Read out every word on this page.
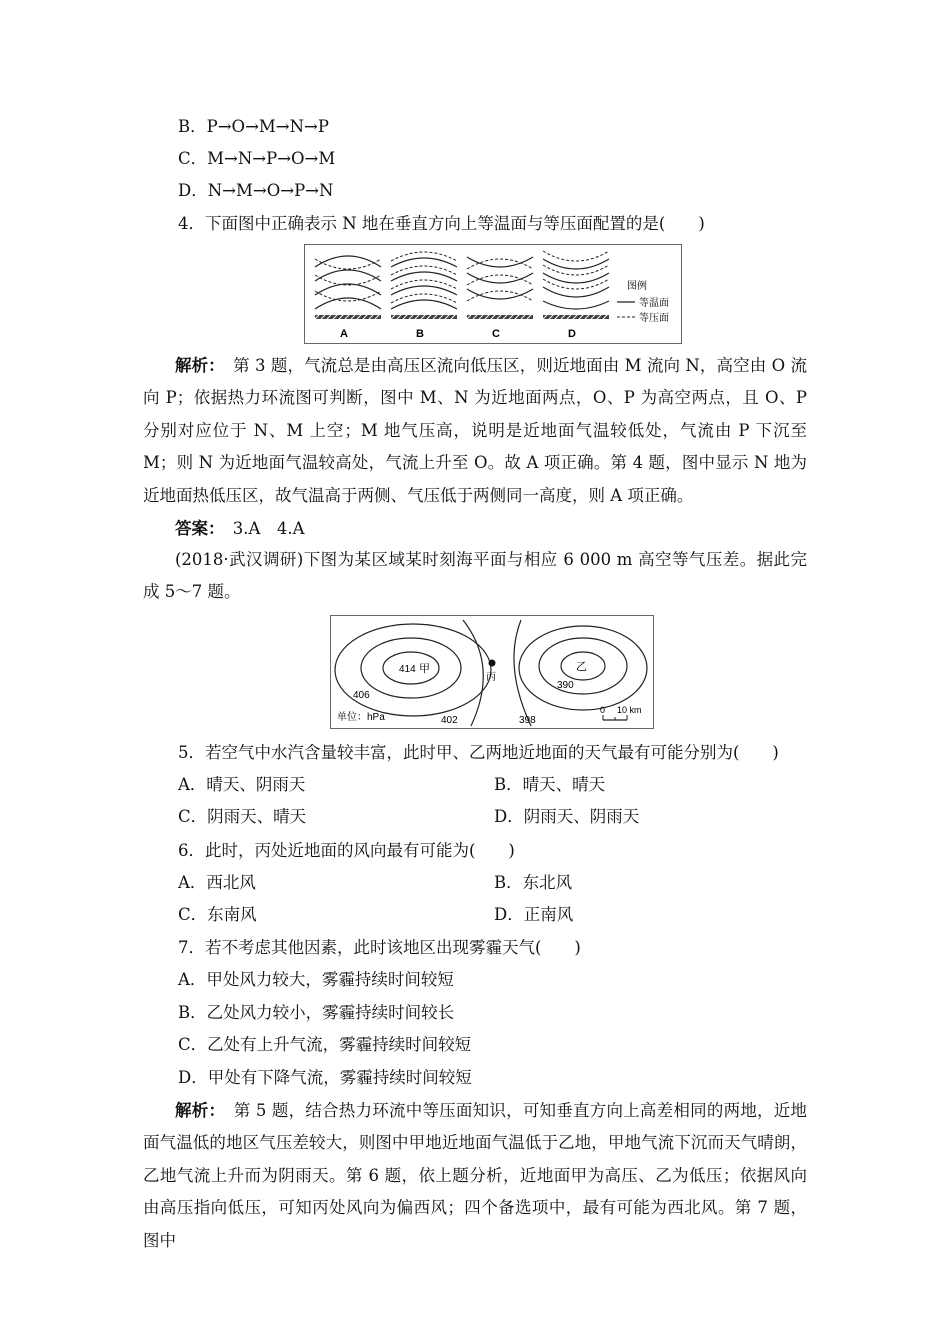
B．P→O→M→N→P
C．M→N→P→O→M
D．N→M→O→P→N
4．下面图中正确表示 N 地在垂直方向上等温面与等压面配置的是(　　)
A	B	C	D
图例
等温面
等压面
解析：　 第 3 题，气流总是由高压区流向低压区，则近地面由 M 流向 N，高空由 O 流向 P；依据热力环流图可判断，图中 M、N 为近地面两点，O、P 为高空两点，且 O、P 分别对应位于 N、M 上空；M 地气压高，说明是近地面气温较低处，气流由 P 下沉至 M；则 N 为近地面气温较高处，气流上升至 O。故 A 项正确。第 4 题，图中显示 N 地为近地面热低压区，故气温高于两侧、气压低于两侧同一高度，则 A 项正确。
答案：　 3.A　4.A
(2018·武汉调研)下图为某区域某时刻海平面与相应 6 000 m 高空等气压差。据此完成 5～7 题。
414 甲
406
丙
乙
390
402	398
单位：hPa
0 10 km
5．若空气中水汽含量较丰富，此时甲、乙两地近地面的天气最有可能分别为(　　)
A．晴天、阴雨天	B．晴天、晴天
C．阴雨天、晴天	D．阴雨天、阴雨天
6．此时，丙处近地面的风向最有可能为(　　)
A．西北风	B．东北风
C．东南风	D．正南风
7．若不考虑其他因素，此时该地区出现雾霾天气(　　)
A．甲处风力较大，雾霾持续时间较短
B．乙处风力较小，雾霾持续时间较长
C．乙处有上升气流，雾霾持续时间较短
D．甲处有下降气流，雾霾持续时间较短
解析：　 第 5 题，结合热力环流中等压面知识，可知垂直方向上高差相同的两地，近地面气温低的地区气压差较大，则图中甲地近地面气温低于乙地，甲地气流下沉而天气晴朗，乙地气流上升而为阴雨天。第 6 题，依上题分析，近地面甲为高压、乙为低压；依据风向由高压指向低压，可知丙处风向为偏西风；四个备选项中，最有可能为西北风。第 7 题，图中
